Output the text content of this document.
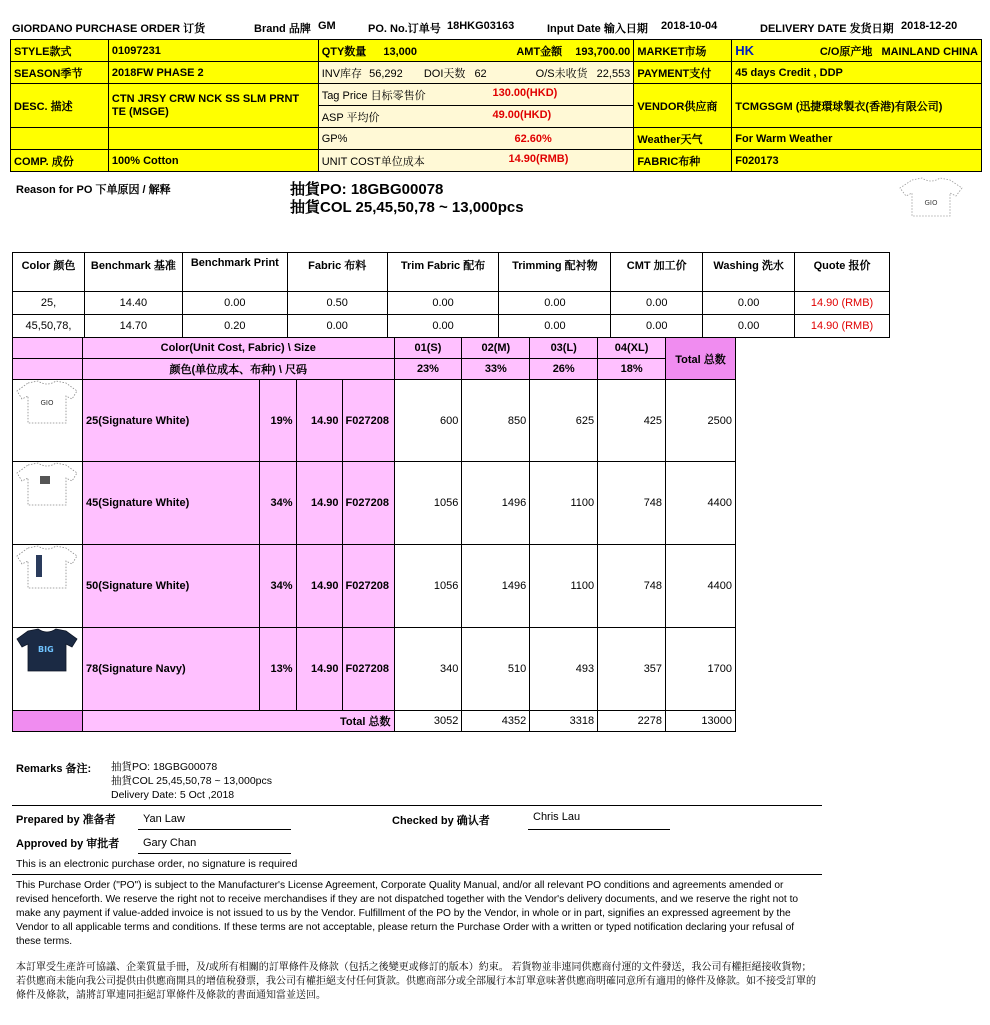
GIORDANO PURCHASE ORDER 订货	Brand 品牌 GM	PO. No.订单号 18HKG03163	Input Date 输入日期 2018-10-04	DELIVERY DATE 发货日期 2018-12-20
STYLE款式	01097231	QTY数量 13,000 AMT金额 193,700.00	MARKET市场	HK C/O原产地 MAINLAND CHINA

SEASON季节	2018FW PHASE 2	INV库存 56,292 DOI天数 62 O/S未收货 22,553	PAYMENT支付	45 days Credit , DDP
DESC. 描述	CTN JRSY CRW NCK SS SLM PRNT TE (MSGE)	Tag Price 目标零售价 130.00(HKD)	VENDOR供应商	TCMGSGM (迅捷環球製衣(香港)有限公司)
		ASP 平均价 49.00(HKD)		

		GP% 62.60%	Weather天气	For Warm Weather
COMP. 成份	100% Cotton	UNIT COST单位成本 14.90(RMB)	FABRIC布种	F020173
Reason for PO 下单原因 / 解释	抽貨PO: 18GBG00078
抽貨COL 25,45,50,78 ~ 13,000pcs	GIO
Color 颜色	Benchmark 基准	Benchmark Print	Fabric 布料	Trim Fabric 配布	Trimming 配衬物	CMT 加工价	Washing 洗水	Quote 报价
25,	14.40	0.00	0.50	0.00	0.00	0.00	0.00	14.90 (RMB)
45,50,78,	14.70	0.20	0.00	0.00	0.00	0.00	0.00	14.90 (RMB)
	Color(Unit Cost, Fabric) \ Size				01(S)	02(M)	03(L)	04(XL)	Total 总数
	颜色(单位成本、布种) \ 尺码				23%	33%	26%	18%	

GIO	25(Signature White)	19%	14.90	F027208	600	850	625	425	2500

	45(Signature White)	34%	14.90	F027208	1056	1496	1100	748	4400

	50(Signature White)	34%	14.90	F027208	1056	1496	1100	748	4400

BIG	78(Signature Navy)	13%	14.90	F027208	340	510	493	357	1700
	Total 总数				3052	4352	3318	2278	13000
Remarks 备注: 抽貨PO: 18GBG00078
抽貨COL 25,45,50,78 ~ 13,000pcs
Delivery Date: 5 Oct ,2018
Prepared by 准备者 Yan Law	Checked by 确认者	Chris Lau
Approved by 审批者 Gary Chan
This is an electronic purchase order, no signature is required
This Purchase Order ("PO") is subject to the Manufacturer's License Agreement, Corporate Quality Manual, and/or all relevant PO conditions and agreements amended or revised henceforth. We reserve the right not to receive merchandises if they are not dispatched together with the Vendor's delivery documents, and we reserve the right not to make any payment if value-added invoice is not issued to us by the Vendor. Fulfillment of the PO by the Vendor, in whole or in part, signifies an expressed agreement by the Vendor to all applicable terms and conditions. If these terms are not acceptable, please return the Purchase Order with a written or typed notification declaring your refusal of these terms.
本訂單受生產許可協議、企業質量手冊，及/或所有相關的訂單條件及條款（包括之後變更或修訂的版本）約束。 若貨物並非連同供應商付運的文件發送，我公司有權拒絕接收貨物；若供應商未能向我公司提供由供應商開具的增值稅發票，我公司有權拒絕支付任何貨款。供應商部分或全部履行本訂單意味著供應商明確同意所有適用的條件及條款。如不接受訂單的條件及條款，請將訂單連同拒絕訂單條件及條款的書面通知當並送回。
